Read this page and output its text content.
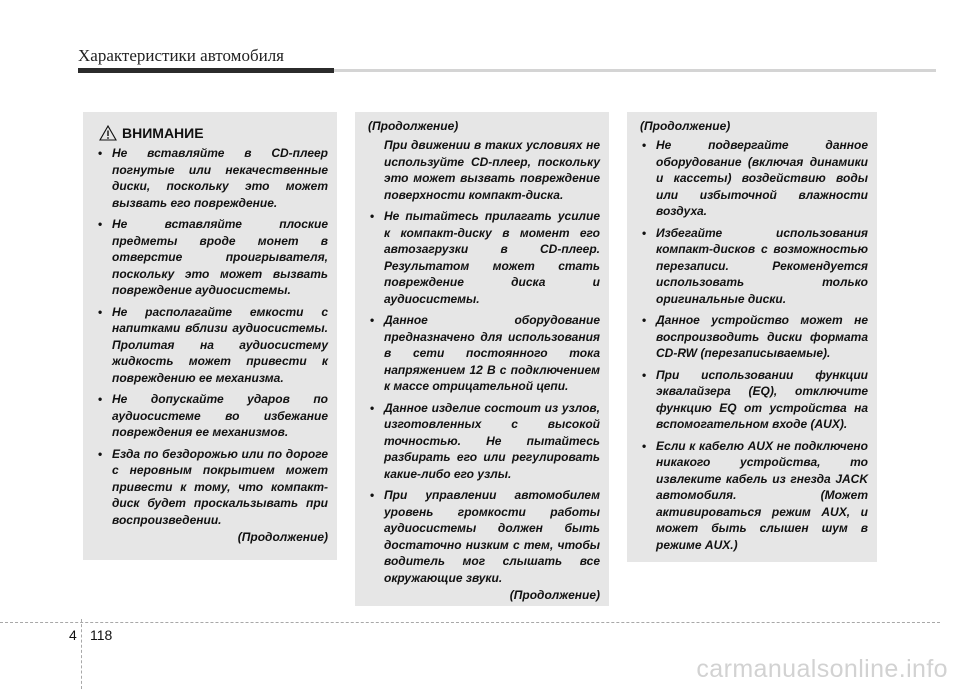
Характеристики автомобиля
ВНИМАНИЕ
• Не вставляйте в CD-плеер погнутые или некачественные диски, поскольку это может вызвать его повреждение.
• Не вставляйте плоские предметы вроде монет в отверстие проигрывателя, поскольку это может вызвать повреждение аудиосистемы.
• Не располагайте емкости с напитками вблизи аудиосистемы. Пролитая на аудиосистему жидкость может привести к повреждению ее механизма.
• Не допускайте ударов по аудиосистеме во избежание повреждения ее механизмов.
• Езда по бездорожью или по дороге с неровным покрытием может привести к тому, что компакт-диск будет проскальзывать при воспроизведении.
(Продолжение)
(Продолжение)
При движении в таких условиях не используйте CD-плеер, поскольку это может вызвать повреждение поверхности компакт-диска.
• Не пытайтесь прилагать усилие к компакт-диску в момент его автозагрузки в CD-плеер. Результатом может стать повреждение диска и аудиосистемы.
• Данное оборудование предназначено для использования в сети постоянного тока напряжением 12 В с подключением к массе отрицательной цепи.
• Данное изделие состоит из узлов, изготовленных с высокой точностью. Не пытайтесь разбирать его или регулировать какие-либо его узлы.
• При управлении автомобилем уровень громкости работы аудиосистемы должен быть достаточно низким с тем, чтобы водитель мог слышать все окружающие звуки.
(Продолжение)
(Продолжение)
• Не подвергайте данное оборудование (включая динамики и кассеты) воздействию воды или избыточной влажности воздуха.
• Избегайте использования компакт-дисков с возможностью перезаписи. Рекомендуется использовать только оригинальные диски.
• Данное устройство может не воспроизводить диски формата CD-RW (перезаписываемые).
• При использовании функции эквалайзера (EQ), отключите функцию EQ от устройства на вспомогательном входе (AUX).
• Если к кабелю AUX не подключено никакого устройства, то извлеките кабель из гнезда JACK автомобиля. (Может активироваться режим AUX, и может быть слышен шум в режиме AUX.)
4 118
carmanualsonline.info
